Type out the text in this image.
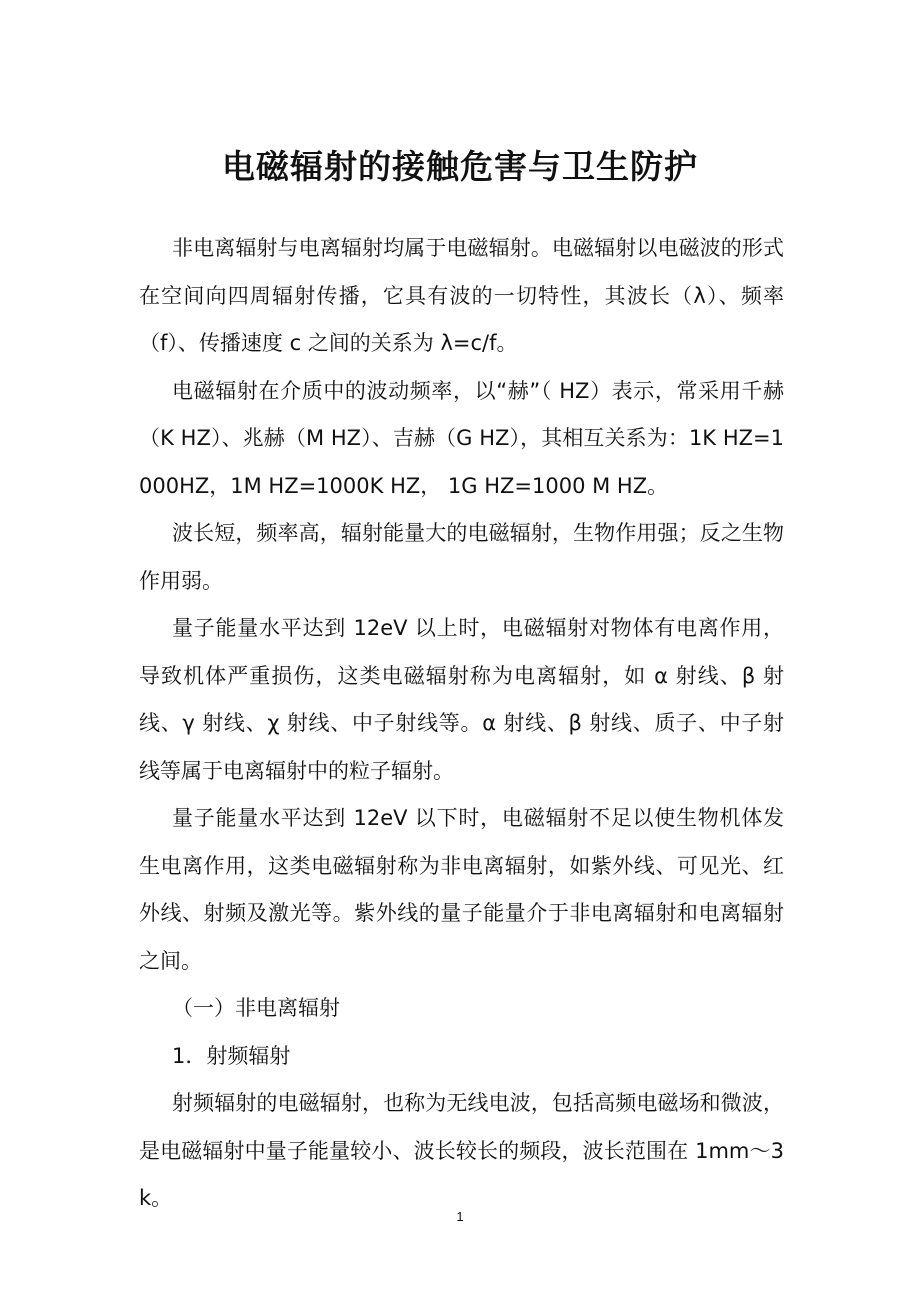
电磁辐射的接触危害与卫生防护

非电离辐射与电离辐射均属于电磁辐射。电磁辐射以电磁波的形式在空间向四周辐射传播，它具有波的一切特性，其波长（λ）、频率（f）、传播速度 c 之间的关系为 λ=c/f。

电磁辐射在介质中的波动频率，以“赫”（ HZ）表示，常采用千赫（K HZ）、兆赫（M HZ）、吉赫（G HZ），其相互关系为：1K HZ=1000HZ，1M HZ=1000K HZ， 1G HZ=1000 M HZ。

波长短，频率高，辐射能量大的电磁辐射，生物作用强；反之生物作用弱。

量子能量水平达到 12eV 以上时，电磁辐射对物体有电离作用，导致机体严重损伤，这类电磁辐射称为电离辐射，如 α 射线、β 射线、γ 射线、χ 射线、中子射线等。α 射线、β 射线、质子、中子射线等属于电离辐射中的粒子辐射。

量子能量水平达到 12eV 以下时，电磁辐射不足以使生物机体发生电离作用，这类电磁辐射称为非电离辐射，如紫外线、可见光、红外线、射频及激光等。紫外线的量子能量介于非电离辐射和电离辐射之间。

（一）非电离辐射

1．射频辐射

射频辐射的电磁辐射，也称为无线电波，包括高频电磁场和微波，是电磁辐射中量子能量较小、波长较长的频段，波长范围在 1mm～3k。

1
